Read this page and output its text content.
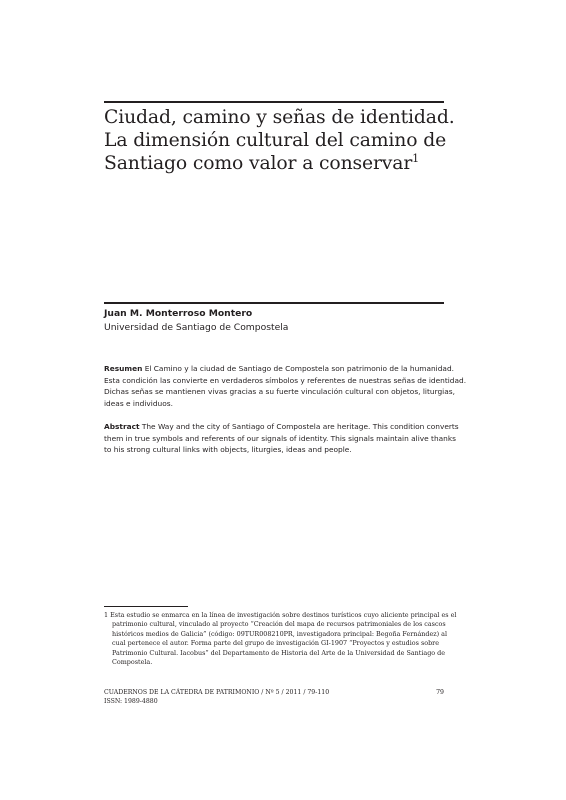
Ciudad, camino y señas de identidad.
La dimensión cultural del camino de
Santiago como valor a conservar$^1$

Juan M. Monterroso Montero

Universidad de Santiago de Compostela

Resumen El Camino y la ciudad de Santiago de Compostela son patrimonio de la humanidad.
Esta condición las convierte en verdaderos símbolos y referentes de nuestras señas de identidad.
Dichas señas se mantienen vivas gracias a su fuerte vinculación cultural con objetos, liturgias,
ideas e individuos.

Abstract The Way and the city of Santiago of Compostela are heritage. This condition converts
them in true symbols and referents of our signals of identity. This signals maintain alive thanks
to his strong cultural links with objects, liturgies, ideas and people.

1 Esta estudio se enmarca en la línea de investigación sobre destinos turísticos cuyo aliciente principal es el
patrimonio cultural, vinculado al proyecto “Creación del mapa de recursos patrimoniales de los cascos
históricos medios de Galicia” (código: 09TUR008210PR, investigadora principal: Begoña Fernández) al
cual pertenece el autor. Forma parte del grupo de investigación GI-1907 “Proyectos y estudios sobre
Patrimonio Cultural. Iacobus” del Departamento de Historia del Arte de la Universidad de Santiago de
Compostela.

CUADERNOS DE LA CÁTEDRA DE PATRIMONIO / Nº 5 / 2011 / 79-110

ISSN: 1989-4880

79
